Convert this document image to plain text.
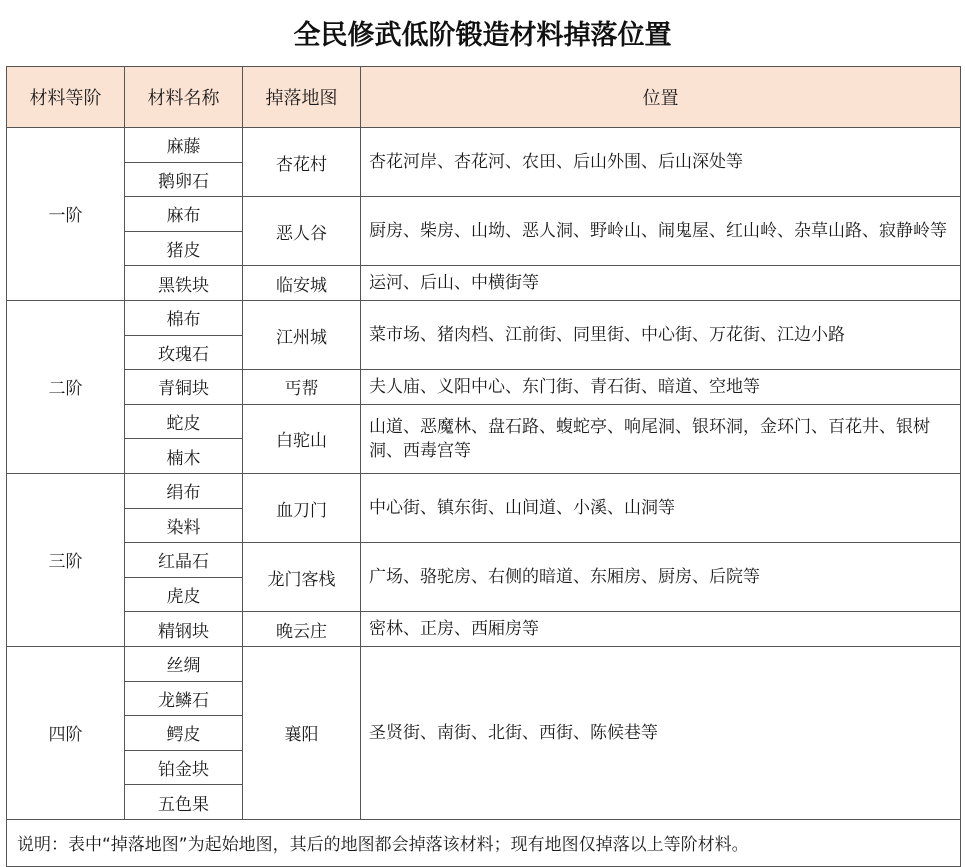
全民修武低阶锻造材料掉落位置
材料等阶	材料名称	掉落地图	位置
一阶	麻藤	杏花村	杏花河岸、杏花河、农田、后山外围、后山深处等
	鹅卵石		
	麻布	恶人谷	厨房、柴房、山坳、恶人洞、野岭山、闹鬼屋、红山岭、杂草山路、寂静岭等
	猪皮		
	黑铁块	临安城	运河、后山、中横街等
二阶	棉布	江州城	菜市场、猪肉档、江前街、同里街、中心街、万花街、江边小路
	玫瑰石		
	青铜块	丐帮	夫人庙、义阳中心、东门街、青石街、暗道、空地等
	蛇皮	白驼山	山道、恶魔林、盘石路、蝮蛇亭、响尾洞、银环洞，金环门、百花井、银树洞、西毒宫等
	楠木		
三阶	绢布	血刀门	中心街、镇东街、山间道、小溪、山洞等
	染料		
	红晶石	龙门客栈	广场、骆驼房、右侧的暗道、东厢房、厨房、后院等
	虎皮		
	精钢块	晚云庄	密林、正房、西厢房等
四阶	丝绸	襄阳	圣贤街、南街、北街、西街、陈候巷等
	龙鳞石		
	鳄皮		
	铂金块		
	五色果		
说明：表中“掉落地图”为起始地图，其后的地图都会掉落该材料；现有地图仅掉落以上等阶材料。			
